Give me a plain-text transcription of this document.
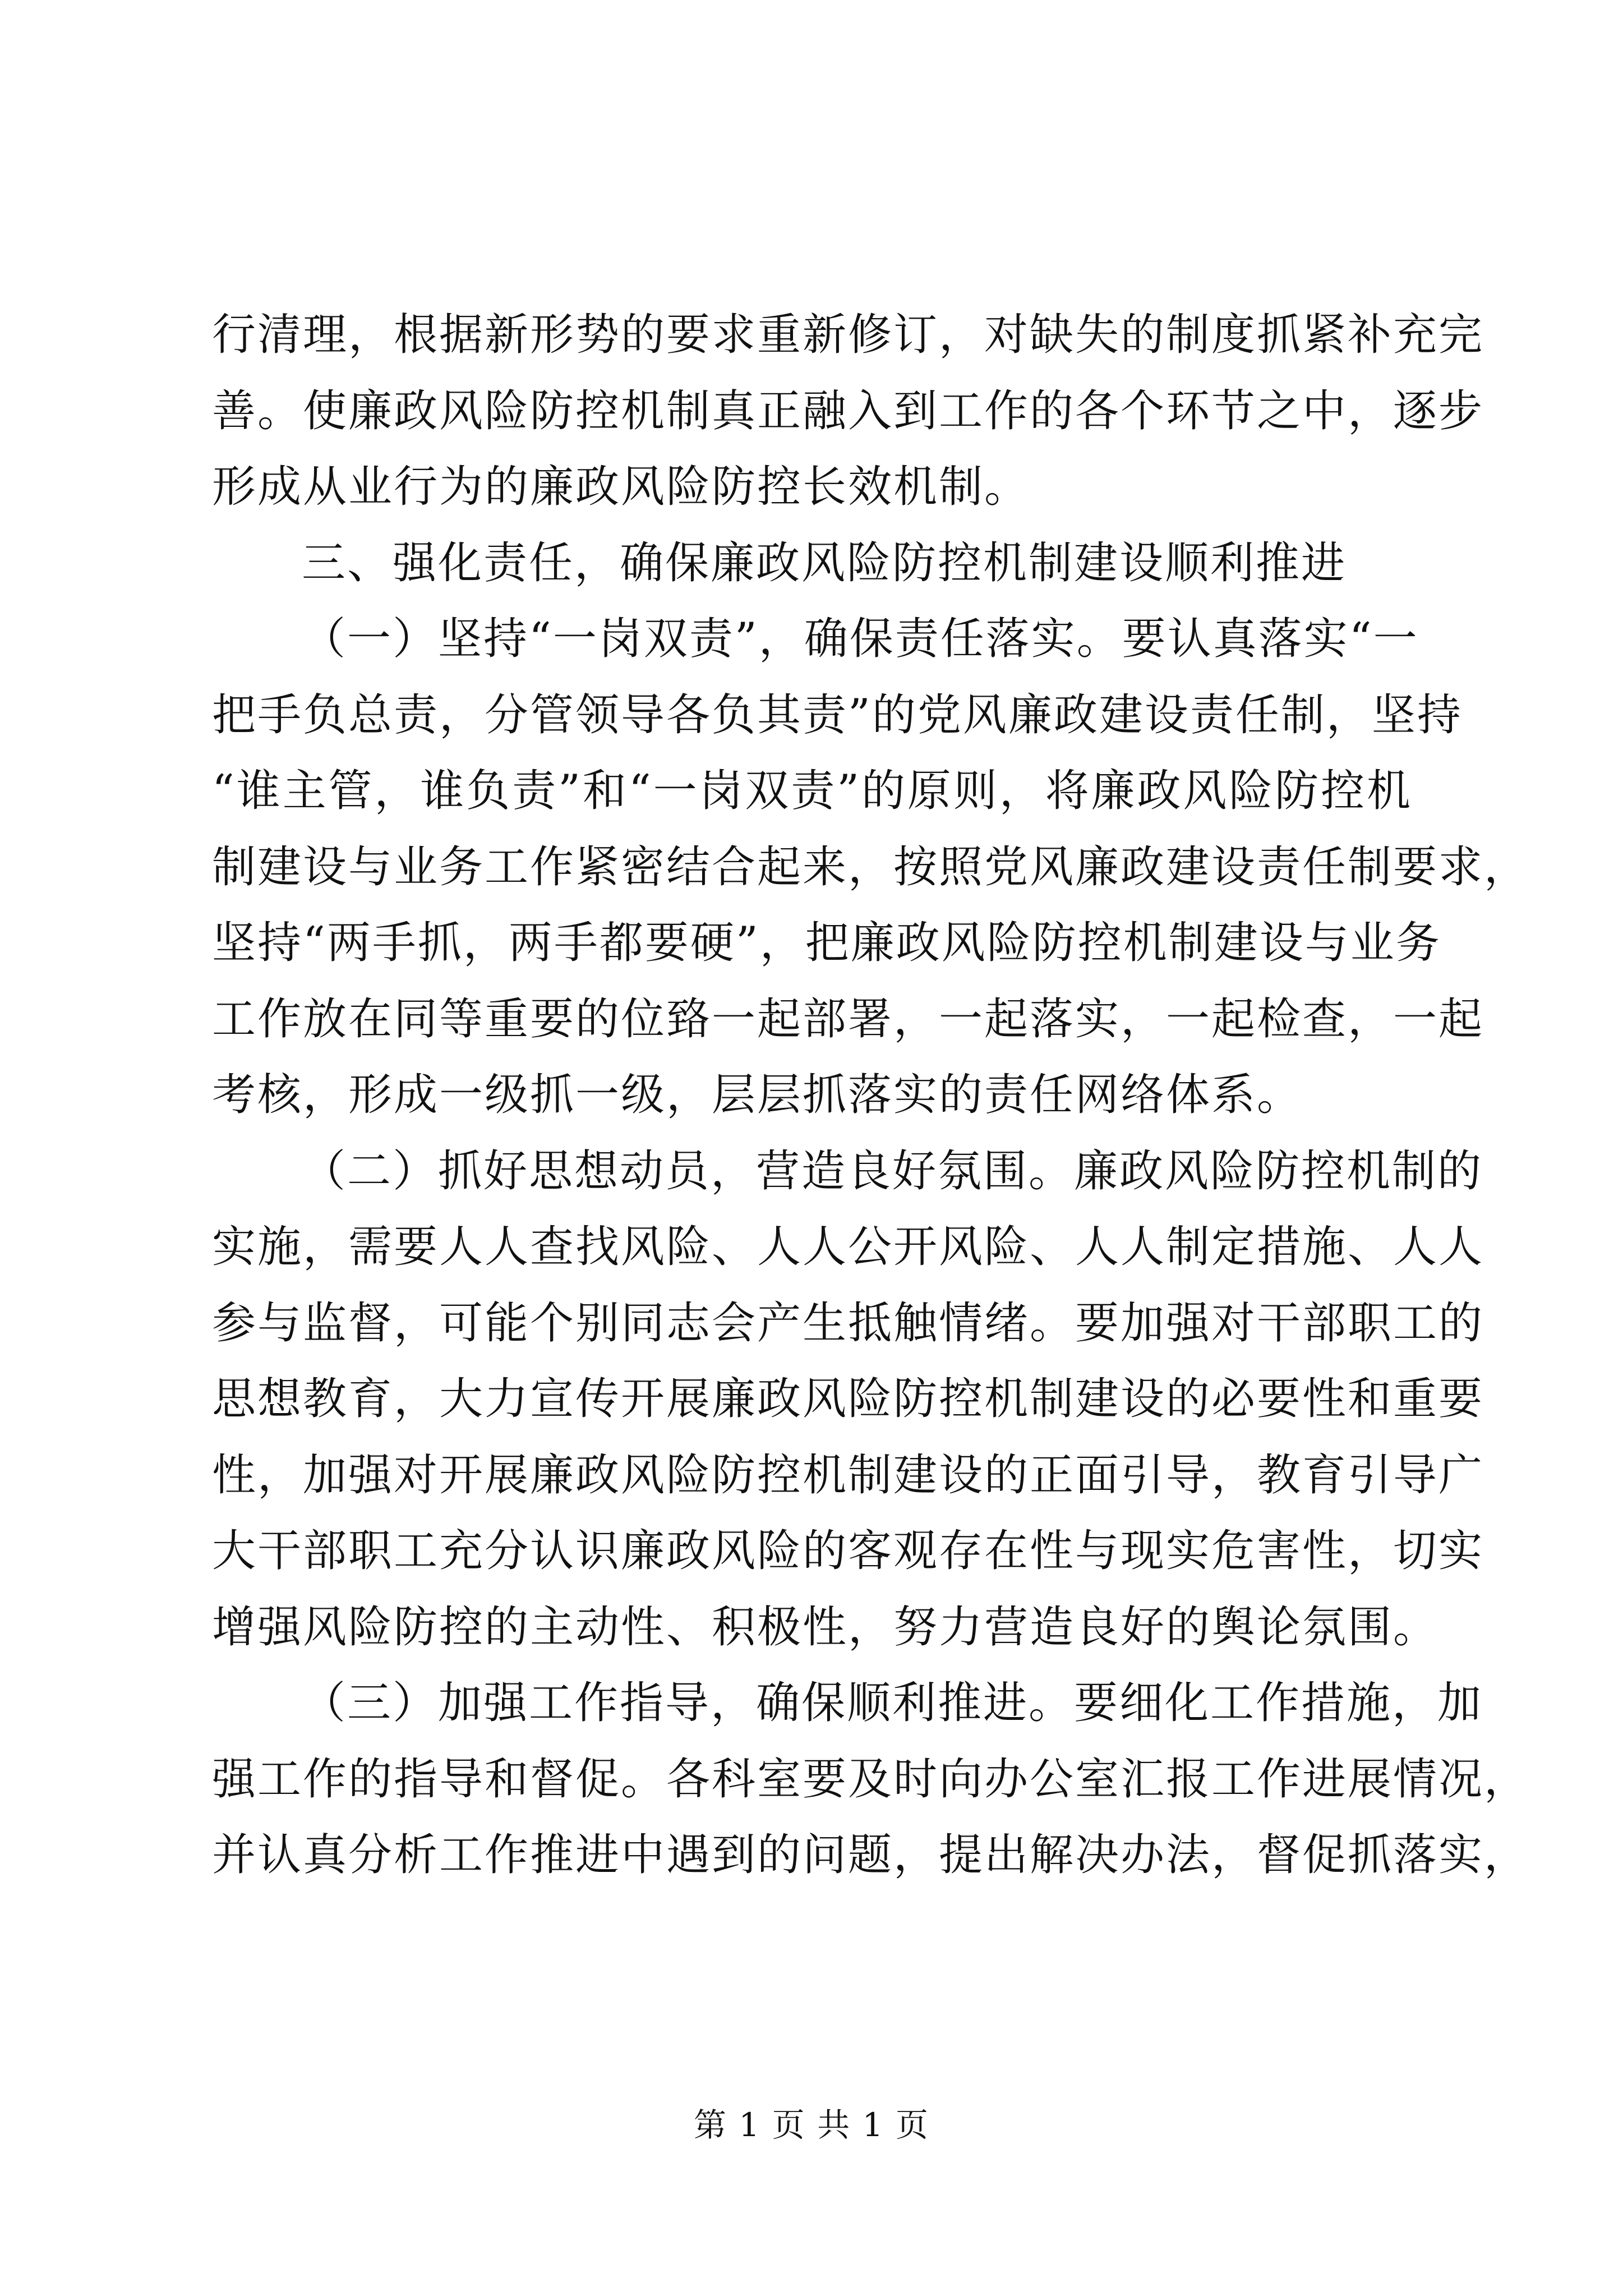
行清理，根据新形势的要求重新修订，对缺失的制度抓紧补充完
善。使廉政风险防控机制真正融入到工作的各个环节之中，逐步
形成从业行为的廉政风险防控长效机制。
三、强化责任，确保廉政风险防控机制建设顺利推进
（一）坚持“一岗双责”，确保责任落实。要认真落实“一
把手负总责，分管领导各负其责”的党风廉政建设责任制，坚持
“谁主管，谁负责”和“一岗双责”的原则，将廉政风险防控机
制建设与业务工作紧密结合起来，按照党风廉政建设责任制要求，
坚持“两手抓，两手都要硬”，把廉政风险防控机制建设与业务
工作放在同等重要的位臵一起部署，一起落实，一起检查，一起
考核，形成一级抓一级，层层抓落实的责任网络体系。
（二）抓好思想动员，营造良好氛围。廉政风险防控机制的
实施，需要人人查找风险、人人公开风险、人人制定措施、人人
参与监督，可能个别同志会产生抵触情绪。要加强对干部职工的
思想教育，大力宣传开展廉政风险防控机制建设的必要性和重要
性，加强对开展廉政风险防控机制建设的正面引导，教育引导广
大干部职工充分认识廉政风险的客观存在性与现实危害性，切实
增强风险防控的主动性、积极性，努力营造良好的舆论氛围。
（三）加强工作指导，确保顺利推进。要细化工作措施，加
强工作的指导和督促。各科室要及时向办公室汇报工作进展情况，
并认真分析工作推进中遇到的问题，提出解决办法，督促抓落实，
第 1 页 共 1 页
